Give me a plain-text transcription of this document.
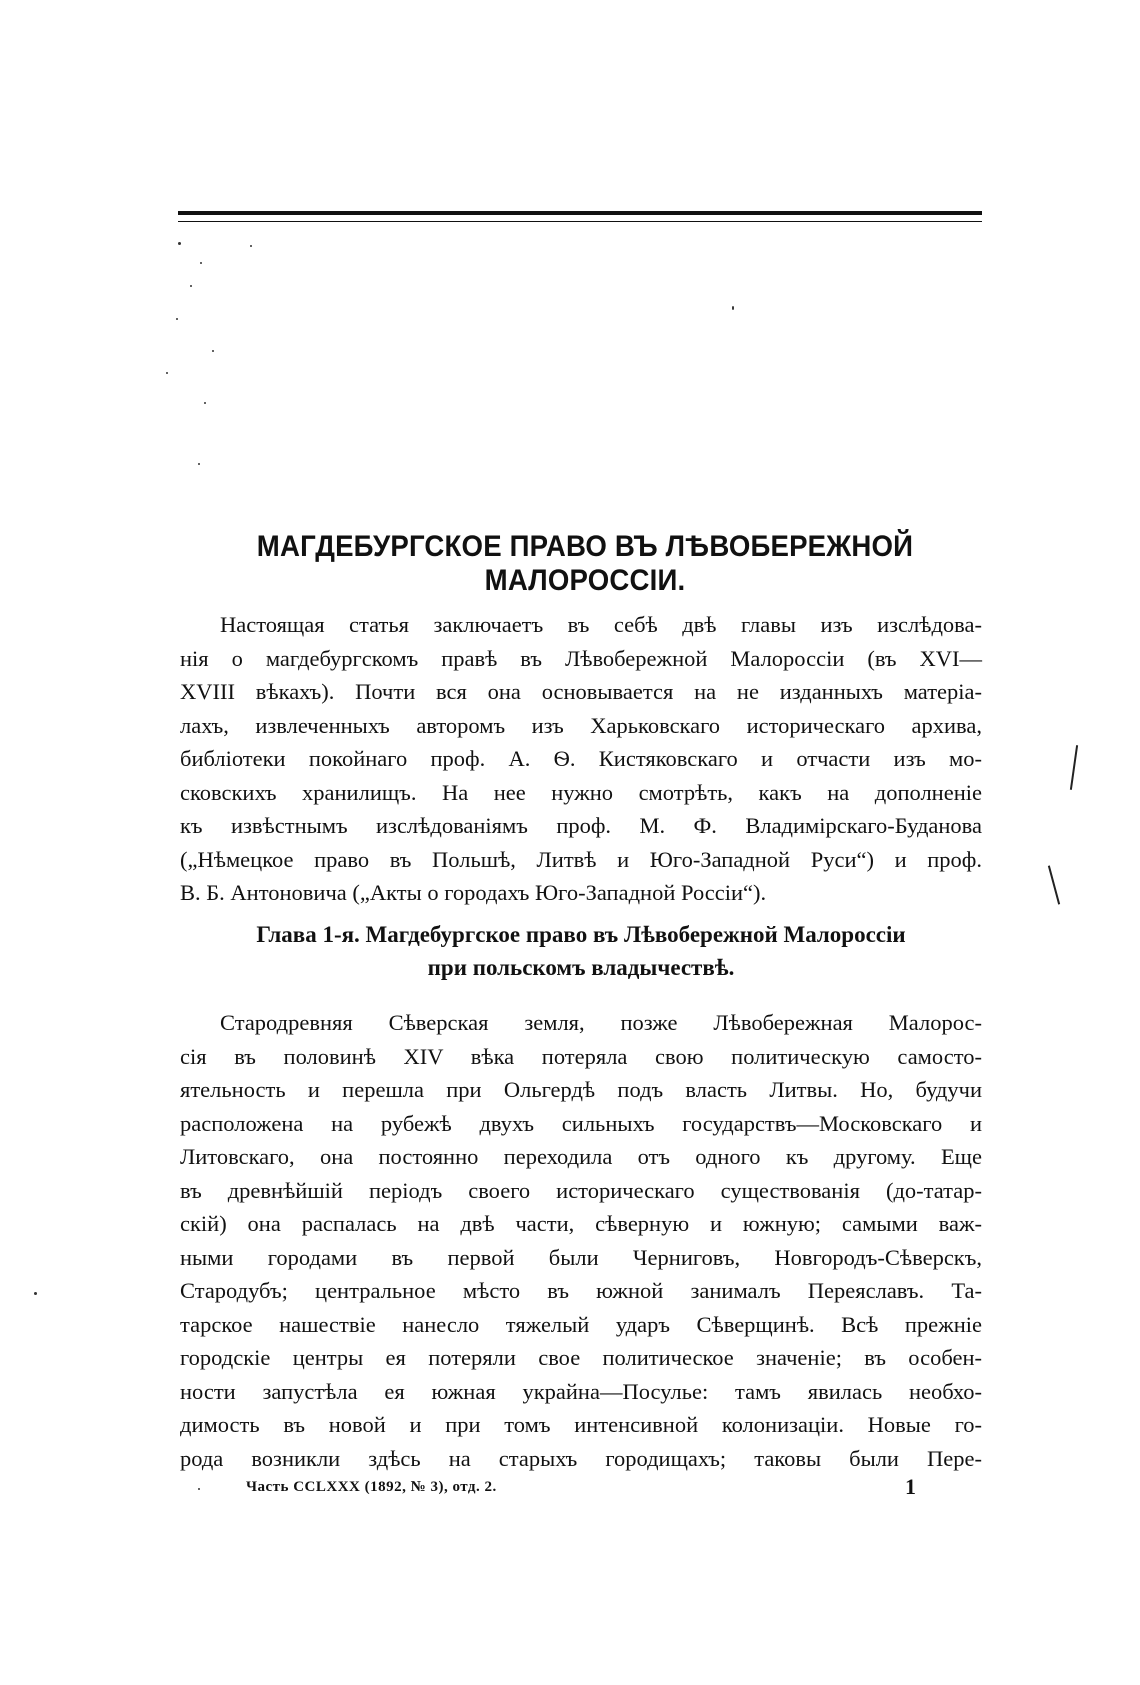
МАГДЕБУРГСКОЕ ПРАВО ВЪ ЛѢВОБЕРЕЖНОЙ МАЛОРОССІИ.
Настоящая статья заключаетъ въ себѣ двѣ главы изъ изслѣдова-
нія о магдебургскомъ правѣ въ Лѣвобережной Малороссіи (въ XVI—
XVIII вѣкахъ). Почти вся она основывается на не изданныхъ матеріа-
лахъ, извлеченныхъ авторомъ изъ Харьковскаго историческаго архива,
библіотеки покойнаго проф. А. Ѳ. Кистяковскаго и отчасти изъ мо-
сковскихъ хранилищъ. На нее нужно смотрѣть, какъ на дополненіе
къ извѣстнымъ изслѣдованіямъ проф. М. Ф. Владимірскаго-Буданова
(„Нѣмецкое право въ Польшѣ, Литвѣ и Юго-Западной Руси“) и проф.
В. Б. Антоновича („Акты о городахъ Юго-Западной Россіи“).
Глава 1-я. Магдебургское право въ Лѣвобережной Малороссіи
при польскомъ владычествѣ.
Стародревняя Сѣверская земля, позже Лѣвобережная Малорос-
сія въ половинѣ XIV вѣка потеряла свою политическую самосто-
ятельность и перешла при Ольгердѣ подъ власть Литвы. Но, будучи
расположена на рубежѣ двухъ сильныхъ государствъ—Московскаго и
Литовскаго, она постоянно переходила отъ одного къ другому. Еще
въ древнѣйшій періодъ своего историческаго существованія (до-татар-
скій) она распалась на двѣ части, сѣверную и южную; самыми важ-
ными городами въ первой были Черниговъ, Новгородъ-Сѣверскъ,
Стародубъ; центральное мѣсто въ южной занималъ Переяславъ. Та-
тарское нашествіе нанесло тяжелый ударъ Сѣверщинѣ. Всѣ прежніе
городскіе центры ея потеряли свое политическое значеніе; въ особен-
ности запустѣла ея южная украйна—Посулье: тамъ явилась необхо-
димость въ новой и при томъ интенсивной колонизаціи. Новые го-
рода возникли здѣсь на старыхъ городищахъ; таковы были Пере-
Часть CCLXXX (1892, № 3), отд. 2.	1
